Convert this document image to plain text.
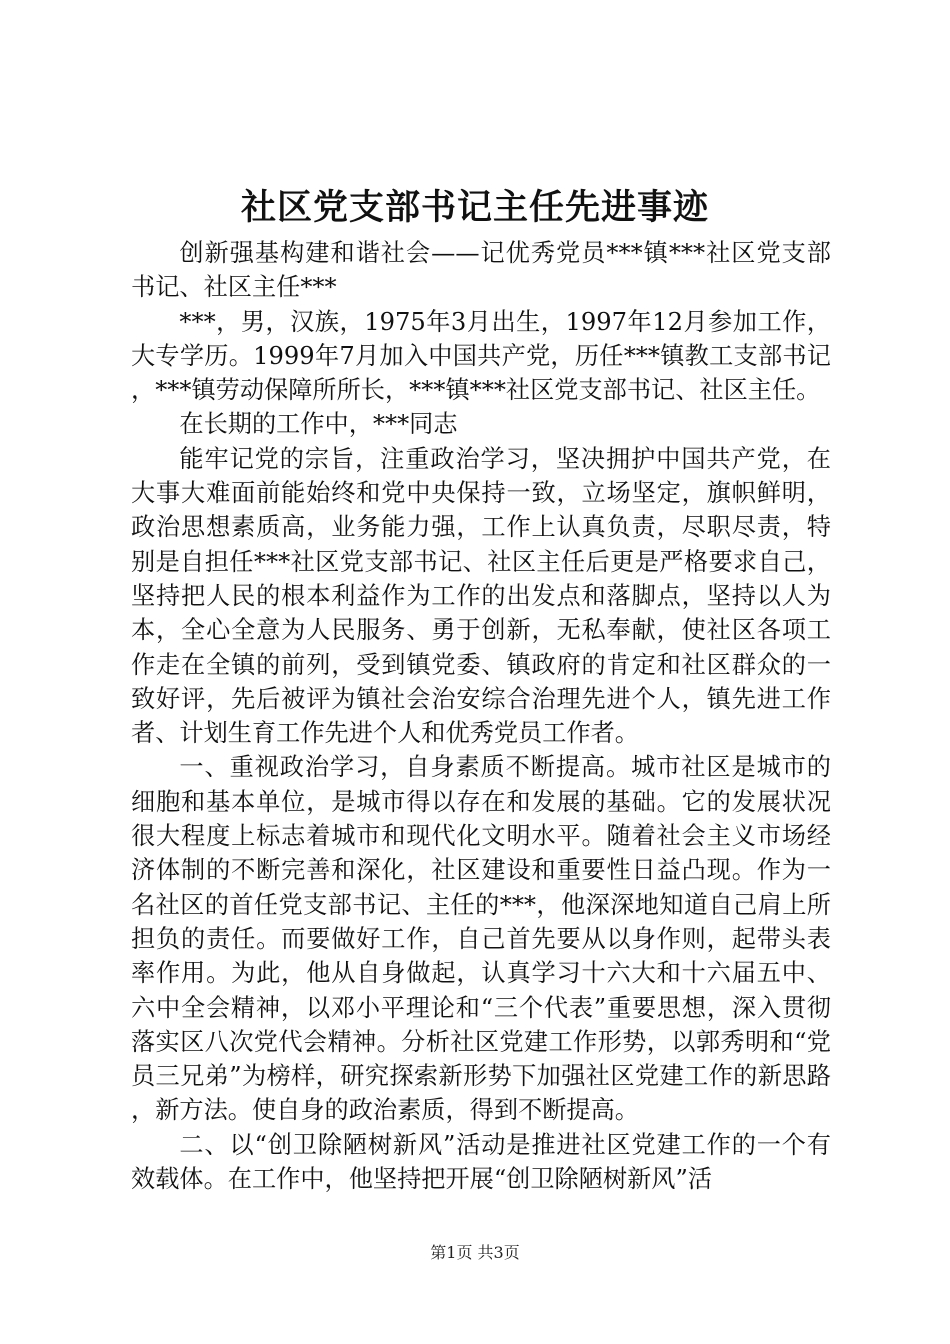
社区党支部书记主任先进事迹

创新强基构建和谐社会——记优秀党员***镇***社区党支部书记、社区主任***

***，男，汉族，1975年3月出生，1997年12月参加工作，大专学历。1999年7月加入中国共产党，历任***镇教工支部书记，***镇劳动保障所所长，***镇***社区党支部书记、社区主任。

在长期的工作中，***同志

能牢记党的宗旨，注重政治学习，坚决拥护中国共产党，在大事大难面前能始终和党中央保持一致，立场坚定，旗帜鲜明，政治思想素质高，业务能力强，工作上认真负责，尽职尽责，特别是自担任***社区党支部书记、社区主任后更是严格要求自己，坚持把人民的根本利益作为工作的出发点和落脚点，坚持以人为本，全心全意为人民服务、勇于创新，无私奉献，使社区各项工作走在全镇的前列，受到镇党委、镇政府的肯定和社区群众的一致好评，先后被评为镇社会治安综合治理先进个人，镇先进工作者、计划生育工作先进个人和优秀党员工作者。

一、重视政治学习，自身素质不断提高。城市社区是城市的细胞和基本单位，是城市得以存在和发展的基础。它的发展状况很大程度上标志着城市和现代化文明水平。随着社会主义市场经济体制的不断完善和深化，社区建设和重要性日益凸现。作为一名社区的首任党支部书记、主任的***，他深深地知道自己肩上所担负的责任。而要做好工作，自己首先要从以身作则，起带头表率作用。为此，他从自身做起，认真学习十六大和十六届五中、六中全会精神，以邓小平理论和“三个代表”重要思想，深入贯彻落实区八次党代会精神。分析社区党建工作形势，以郭秀明和“党员三兄弟”为榜样，研究探索新形势下加强社区党建工作的新思路，新方法。使自身的政治素质，得到不断提高。

二、以“创卫除陋树新风”活动是推进社区党建工作的一个有效载体。在工作中，他坚持把开展“创卫除陋树新风”活

第1页 共3页
